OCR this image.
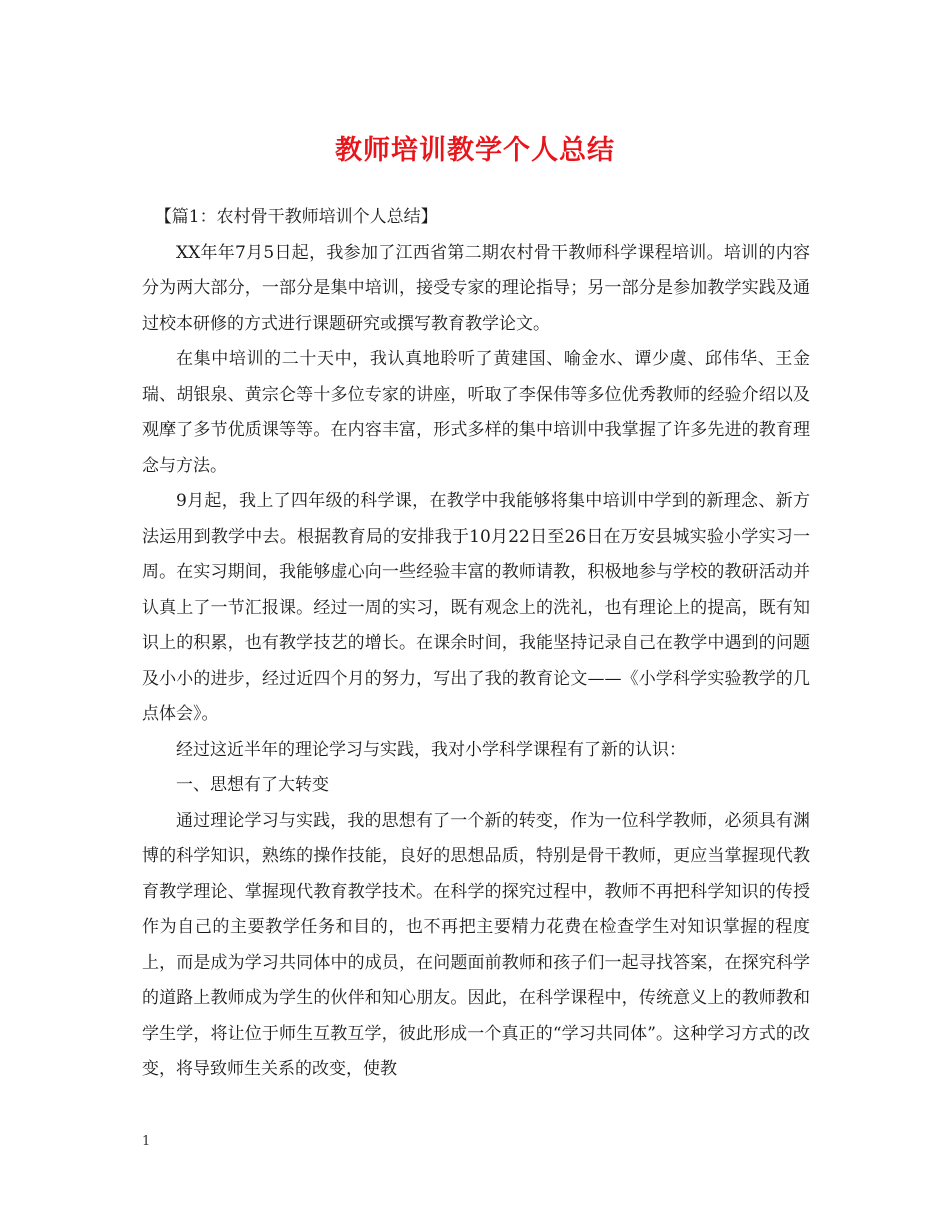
教师培训教学个人总结

【篇1：农村骨干教师培训个人总结】

XX年年7月5日起，我参加了江西省第二期农村骨干教师科学课程培训。培训的内容分为两大部分，一部分是集中培训，接受专家的理论指导；另一部分是参加教学实践及通过校本研修的方式进行课题研究或撰写教育教学论文。

在集中培训的二十天中，我认真地聆听了黄建国、喻金水、谭少虞、邱伟华、王金瑞、胡银泉、黄宗仑等十多位专家的讲座，听取了李保伟等多位优秀教师的经验介绍以及观摩了多节优质课等等。在内容丰富，形式多样的集中培训中我掌握了许多先进的教育理念与方法。

9月起，我上了四年级的科学课，在教学中我能够将集中培训中学到的新理念、新方法运用到教学中去。根据教育局的安排我于10月22日至26日在万安县城实验小学实习一周。在实习期间，我能够虚心向一些经验丰富的教师请教，积极地参与学校的教研活动并认真上了一节汇报课。经过一周的实习，既有观念上的洗礼，也有理论上的提高，既有知识上的积累，也有教学技艺的增长。在课余时间，我能坚持记录自己在教学中遇到的问题及小小的进步，经过近四个月的努力，写出了我的教育论文——《小学科学实验教学的几点体会》。

经过这近半年的理论学习与实践，我对小学科学课程有了新的认识：

一、思想有了大转变

通过理论学习与实践，我的思想有了一个新的转变，作为一位科学教师，必须具有渊博的科学知识，熟练的操作技能，良好的思想品质，特别是骨干教师，更应当掌握现代教育教学理论、掌握现代教育教学技术。在科学的探究过程中，教师不再把科学知识的传授作为自己的主要教学任务和目的，也不再把主要精力花费在检查学生对知识掌握的程度上，而是成为学习共同体中的成员，在问题面前教师和孩子们一起寻找答案，在探究科学的道路上教师成为学生的伙伴和知心朋友。因此，在科学课程中，传统意义上的教师教和学生学，将让位于师生互教互学，彼此形成一个真正的“学习共同体”。这种学习方式的改变，将导致师生关系的改变，使教

1
